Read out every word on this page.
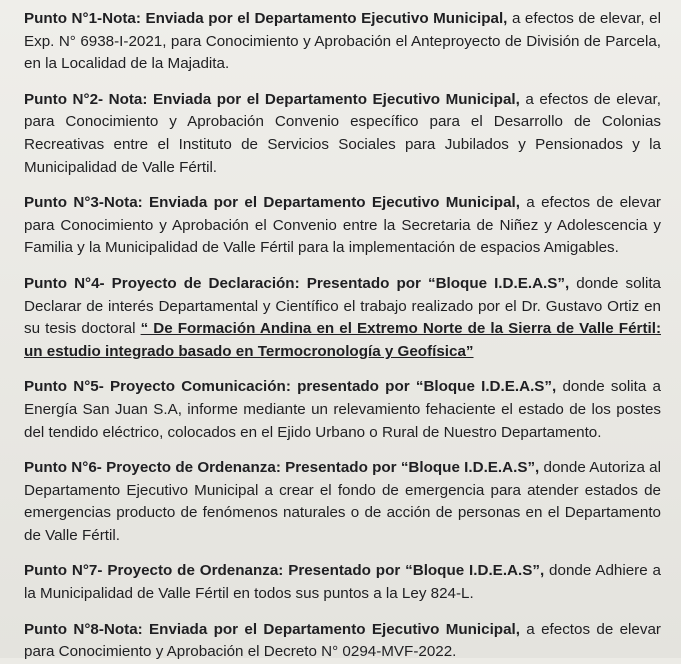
Punto N°1-Nota: Enviada por el Departamento Ejecutivo Municipal, a efectos de elevar, el Exp. N° 6938-I-2021, para Conocimiento y Aprobación el Anteproyecto de División de Parcela, en la Localidad de la Majadita.

Punto N°2- Nota: Enviada por el Departamento Ejecutivo Municipal, a efectos de elevar, para Conocimiento y Aprobación Convenio específico para el Desarrollo de Colonias Recreativas entre el Instituto de Servicios Sociales para Jubilados y Pensionados y la Municipalidad de Valle Fértil.

Punto N°3-Nota: Enviada por el Departamento Ejecutivo Municipal, a efectos de elevar para Conocimiento y Aprobación el Convenio entre la Secretaria de Niñez y Adolescencia y Familia y la Municipalidad de Valle Fértil para la implementación de espacios Amigables.

Punto N°4- Proyecto de Declaración: Presentado por “Bloque I.D.E.A.S”, donde solita Declarar de interés Departamental y Científico el trabajo realizado por el Dr. Gustavo Ortiz en su tesis doctoral “ De Formación Andina en el Extremo Norte de la Sierra de Valle Fértil: un estudio integrado basado en Termocronología y Geofísica”

Punto N°5- Proyecto Comunicación: presentado por “Bloque I.D.E.A.S”, donde solita a Energía San Juan S.A, informe mediante un relevamiento fehaciente el estado de los postes del tendido eléctrico, colocados en el Ejido Urbano o Rural de Nuestro Departamento.

Punto N°6- Proyecto de Ordenanza: Presentado por “Bloque I.D.E.A.S”, donde Autoriza al Departamento Ejecutivo Municipal a crear el fondo de emergencia para atender estados de emergencias producto de fenómenos naturales o de acción de personas en el Departamento de Valle Fértil.

Punto N°7- Proyecto de Ordenanza: Presentado por “Bloque I.D.E.A.S”, donde Adhiere a la Municipalidad de Valle Fértil en todos sus puntos a la Ley 824-L.

Punto N°8-Nota: Enviada por el Departamento Ejecutivo Municipal, a efectos de elevar para Conocimiento y Aprobación el Decreto N° 0294-MVF-2022.
